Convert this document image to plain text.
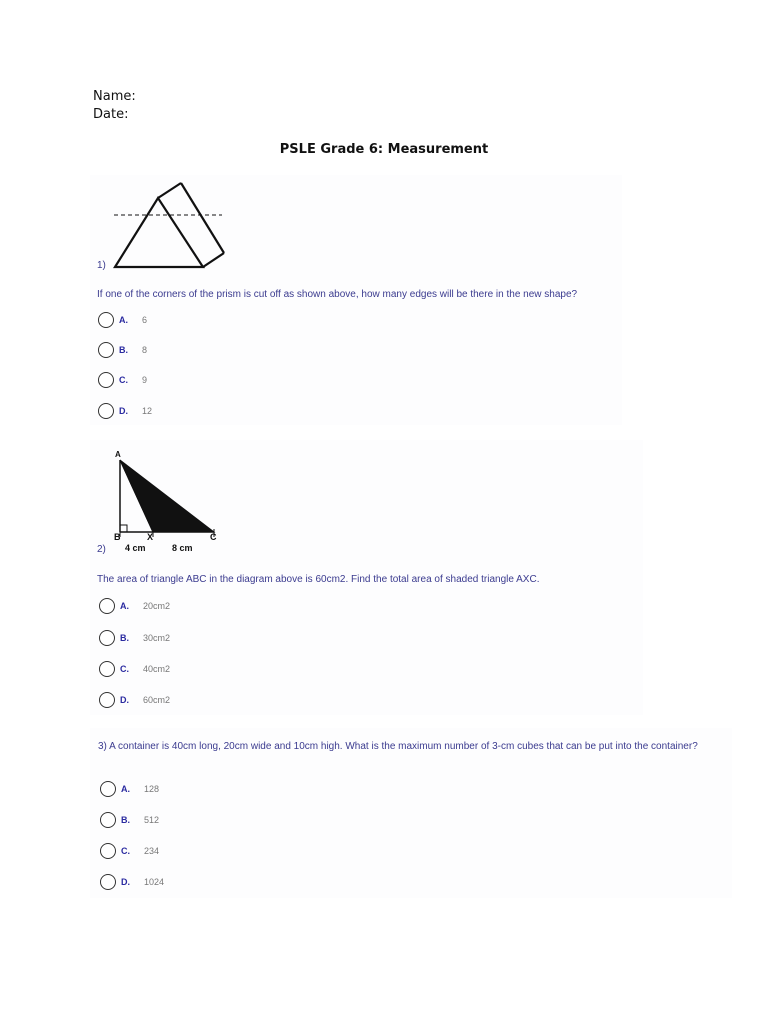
Name:
Date:
PSLE Grade 6: Measurement
1)
If one of the corners of the prism is cut off as shown above, how many edges will be there in the new shape?
A. 6
B. 8
C. 9
D. 12
A
B	X	C
4 cm	8 cm
2)
The area of triangle ABC in the diagram above is 60cm2. Find the total area of shaded triangle AXC.
A. 20cm2
B. 30cm2
C. 40cm2
D. 60cm2
3) A container is 40cm long, 20cm wide and 10cm high. What is the maximum number of 3-cm cubes that can be put into the container?
A. 128
B. 512
C. 234
D. 1024
